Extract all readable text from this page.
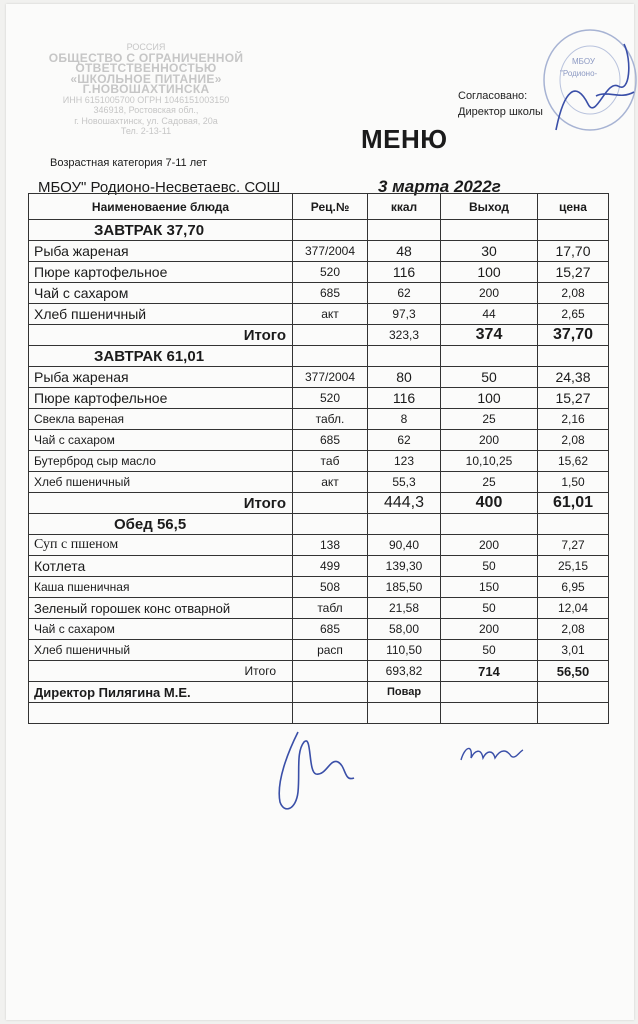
РОССИЯ
ОБЩЕСТВО С ОГРАНИЧЕННОЙ
ОТВЕТСТВЕННОСТЬЮ
«ШКОЛЬНОЕ ПИТАНИЕ»
Г.НОВОШАХТИНСКА
ИНН 6151005700 ОГРН 1046151003150
346918, Ростовская обл.,
г. Новошахтинск, ул. Садовая, 20а
Тел. 2-13-11
Согласовано:
Директор школы
МБОУ
"Родионо-
МЕНЮ
Возрастная категория 7-11 лет
МБОУ" Родионо-Несветаевс. СОШ	3 марта 2022г
Наименоваение блюда	Рец.№	ккал	Выход	цена
ЗАВТРАК 37,70				
Рыба жареная	377/2004	48	30	17,70
Пюре картофельное	520	116	100	15,27
Чай с сахаром	685	62	200	2,08
Хлеб пшеничный	акт	97,3	44	2,65
Итого		323,3	374	37,70
ЗАВТРАК 61,01				
Рыба жареная	377/2004	80	50	24,38
Пюре картофельное	520	116	100	15,27
Свекла вареная	табл.	8	25	2,16
Чай с сахаром	685	62	200	2,08
Бутерброд сыр масло	таб	123	10,10,25	15,62
Хлеб пшеничный	акт	55,3	25	1,50
Итого		444,3	400	61,01
Обед 56,5				
Суп с пшеном	138	90,40	200	7,27
Котлета	499	139,30	50	25,15
Каша пшеничная	508	185,50	150	6,95
Зеленый горошек конс отварной	табл	21,58	50	12,04
Чай с сахаром	685	58,00	200	2,08
Хлеб пшеничный	расп	110,50	50	3,01
Итого		693,82	714	56,50
Директор Пилягина М.Е.		Повар		
